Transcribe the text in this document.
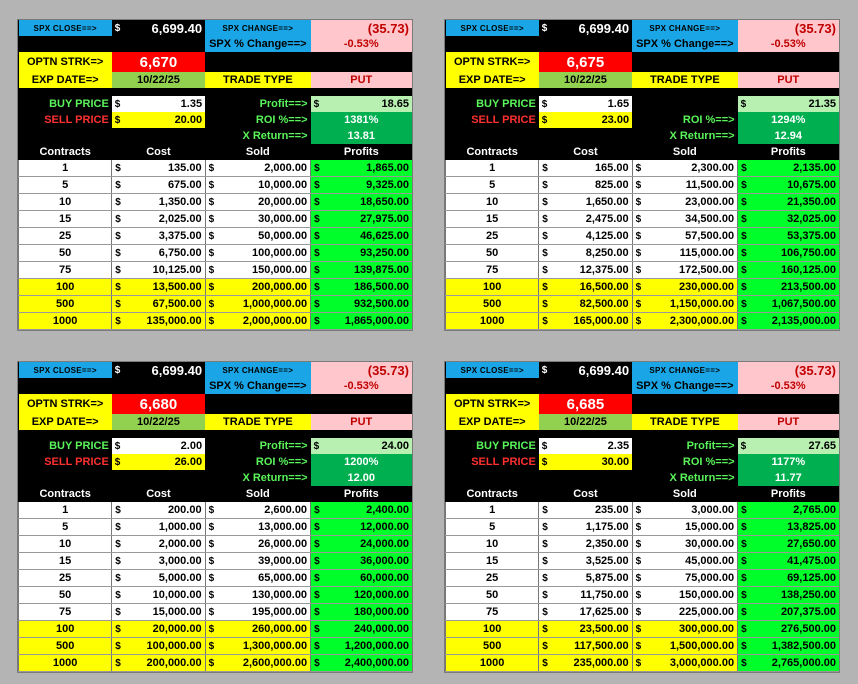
SPX CLOSE==>	$ 6,699.40	SPX CHANGE==>	(35.73)
		SPX % Change==>	-0.53%
OPTN STRK=>	6,670		
EXP DATE=>	10/22/25	TRADE TYPE	PUT

BUY PRICE	$ 1.35	Profit==>	$ 18.65

SELL PRICE	$ 20.00	ROI %==>	1381%
		X Return==>	13.81
Contracts	Cost	Sold	Profits
1	$ 135.00	$ 2,000.00	$ 1,865.00

5	$ 675.00	$ 10,000.00	$ 9,325.00

10	$ 1,350.00	$ 20,000.00	$ 18,650.00

15	$ 2,025.00	$ 30,000.00	$ 27,975.00

25	$ 3,375.00	$ 50,000.00	$ 46,625.00

50	$ 6,750.00	$ 100,000.00	$ 93,250.00

75	$ 10,125.00	$ 150,000.00	$ 139,875.00

100	$ 13,500.00	$ 200,000.00	$ 186,500.00

500	$ 67,500.00	$ 1,000,000.00	$ 932,500.00

1000	$ 135,000.00	$ 2,000,000.00	$ 1,865,000.00
SPX CLOSE==>	$ 6,699.40	SPX CHANGE==>	(35.73)
		SPX % Change==>	-0.53%
OPTN STRK=>	6,675		
EXP DATE=>	10/22/25	TRADE TYPE	PUT

BUY PRICE	$ 1.65		$ 21.35

SELL PRICE	$ 23.00	ROI %==>	1294%
		X Return==>	12.94
Contracts	Cost	Sold	Profits
1	$ 165.00	$ 2,300.00	$ 2,135.00

5	$ 825.00	$ 11,500.00	$ 10,675.00

10	$ 1,650.00	$ 23,000.00	$ 21,350.00

15	$ 2,475.00	$ 34,500.00	$ 32,025.00

25	$ 4,125.00	$ 57,500.00	$ 53,375.00

50	$ 8,250.00	$ 115,000.00	$ 106,750.00

75	$ 12,375.00	$ 172,500.00	$ 160,125.00

100	$ 16,500.00	$ 230,000.00	$ 213,500.00

500	$ 82,500.00	$ 1,150,000.00	$ 1,067,500.00

1000	$ 165,000.00	$ 2,300,000.00	$ 2,135,000.00
SPX CLOSE==>	$ 6,699.40	SPX CHANGE==>	(35.73)
		SPX % Change==>	-0.53%
OPTN STRK=>	6,680		
EXP DATE=>	10/22/25	TRADE TYPE	PUT

BUY PRICE	$ 2.00	Profit==>	$ 24.00

SELL PRICE	$ 26.00	ROI %==>	1200%
		X Return==>	12.00
Contracts	Cost	Sold	Profits
1	$ 200.00	$ 2,600.00	$ 2,400.00

5	$ 1,000.00	$ 13,000.00	$ 12,000.00

10	$ 2,000.00	$ 26,000.00	$ 24,000.00

15	$ 3,000.00	$ 39,000.00	$ 36,000.00

25	$ 5,000.00	$ 65,000.00	$ 60,000.00

50	$ 10,000.00	$ 130,000.00	$ 120,000.00

75	$ 15,000.00	$ 195,000.00	$ 180,000.00

100	$ 20,000.00	$ 260,000.00	$ 240,000.00

500	$ 100,000.00	$ 1,300,000.00	$ 1,200,000.00

1000	$ 200,000.00	$ 2,600,000.00	$ 2,400,000.00
SPX CLOSE==>	$ 6,699.40	SPX CHANGE==>	(35.73)
		SPX % Change==>	-0.53%
OPTN STRK=>	6,685		
EXP DATE=>	10/22/25	TRADE TYPE	PUT

BUY PRICE	$ 2.35	Profit==>	$ 27.65

SELL PRICE	$ 30.00	ROI %==>	1177%
		X Return==>	11.77
Contracts	Cost	Sold	Profits
1	$ 235.00	$ 3,000.00	$ 2,765.00

5	$ 1,175.00	$ 15,000.00	$ 13,825.00

10	$ 2,350.00	$ 30,000.00	$ 27,650.00

15	$ 3,525.00	$ 45,000.00	$ 41,475.00

25	$ 5,875.00	$ 75,000.00	$ 69,125.00

50	$ 11,750.00	$ 150,000.00	$ 138,250.00

75	$ 17,625.00	$ 225,000.00	$ 207,375.00

100	$ 23,500.00	$ 300,000.00	$ 276,500.00

500	$ 117,500.00	$ 1,500,000.00	$ 1,382,500.00

1000	$ 235,000.00	$ 3,000,000.00	$ 2,765,000.00
